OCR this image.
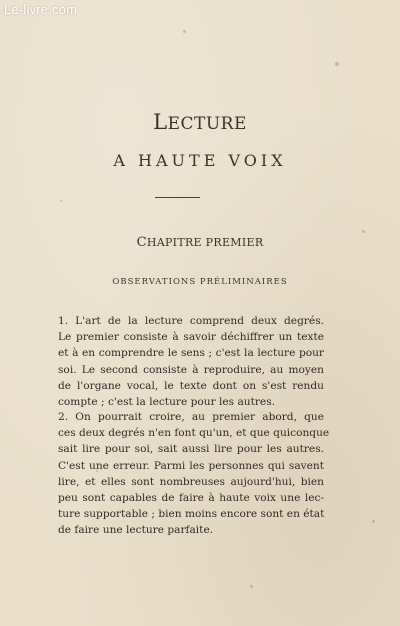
Le-livre.com
LECTURE
A HAUTE VOIX
CHAPITRE PREMIER
OBSERVATIONS PRÉLIMINAIRES
1. L'art de la lecture comprend deux degrés.
Le premier consiste à savoir déchiffrer un texte
et à en comprendre le sens ; c'est la lecture pour
soi. Le second consiste à reproduire, au moyen
de l'organe vocal, le texte dont on s'est rendu
compte ; c'est la lecture pour les autres.
2. On pourrait croire, au premier abord, que
ces deux degrés n'en font qu'un, et que quiconque
sait lire pour soi, sait aussi lire pour les autres.
C'est une erreur. Parmi les personnes qui savent
lire, et elles sont nombreuses aujourd'hui, bien
peu sont capables de faire à haute voix une lec-
ture supportable ; bien moins encore sont en état
de faire une lecture parfaite.
